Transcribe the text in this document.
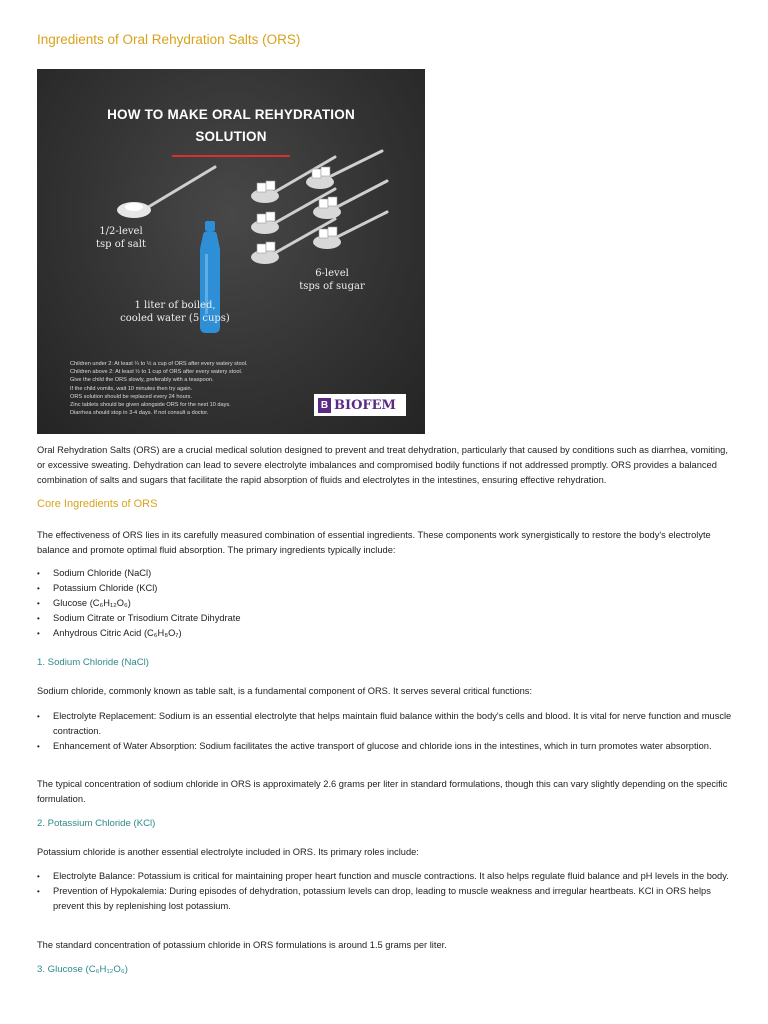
Ingredients of Oral Rehydration Salts (ORS)
HOW TO MAKE ORAL REHYDRATION
SOLUTION
1/2-level
tsp of salt
6-level
tsps of sugar
1 liter of boiled,
cooled water (5 cups)
Children under 2: At least ¼ to ½ a cup of ORS after every watery stool.
Children above 2: At least ½ to 1 cup of ORS after every watery stool.
Give the child the ORS slowly, preferably with a teaspoon.
If the child vomits, wait 10 minutes then try again.
ORS solution should be replaced every 24 hours.
Zinc tablets should be given alongside ORS for the next 10 days.
Diarrhea should stop in 3-4 days. If not consult a doctor.
B BIOFEM

Oral Rehydration Salts (ORS) are a crucial medical solution designed to prevent and treat dehydration, particularly that caused by conditions such as diarrhea, vomiting, or excessive sweating. Dehydration can lead to severe electrolyte imbalances and compromised bodily functions if not addressed promptly. ORS provides a balanced combination of salts and sugars that facilitate the rapid absorption of fluids and electrolytes in the intestines, ensuring effective rehydration.

Core Ingredients of ORS

The effectiveness of ORS lies in its carefully measured combination of essential ingredients. These components work synergistically to restore the body's electrolyte balance and promote optimal fluid absorption. The primary ingredients typically include:

• Sodium Chloride (NaCl)
• Potassium Chloride (KCl)
• Glucose (C₆H₁₂O₆)
• Sodium Citrate or Trisodium Citrate Dihydrate
• Anhydrous Citric Acid (C₆H₈O₇)
1. Sodium Chloride (NaCl)

Sodium chloride, commonly known as table salt, is a fundamental component of ORS. It serves several critical functions:

• Electrolyte Replacement: Sodium is an essential electrolyte that helps maintain fluid balance within the body's cells and blood. It is vital for nerve function and muscle contraction.
• Enhancement of Water Absorption: Sodium facilitates the active transport of glucose and chloride ions in the intestines, which in turn promotes water absorption.

The typical concentration of sodium chloride in ORS is approximately 2.6 grams per liter in standard formulations, though this can vary slightly depending on the specific formulation.

2. Potassium Chloride (KCl)

Potassium chloride is another essential electrolyte included in ORS. Its primary roles include:

• Electrolyte Balance: Potassium is critical for maintaining proper heart function and muscle contractions. It also helps regulate fluid balance and pH levels in the body.
• Prevention of Hypokalemia: During episodes of dehydration, potassium levels can drop, leading to muscle weakness and irregular heartbeats. KCl in ORS helps prevent this by replenishing lost potassium.

The standard concentration of potassium chloride in ORS formulations is around 1.5 grams per liter.

3. Glucose (C₆H₁₂O₆)
